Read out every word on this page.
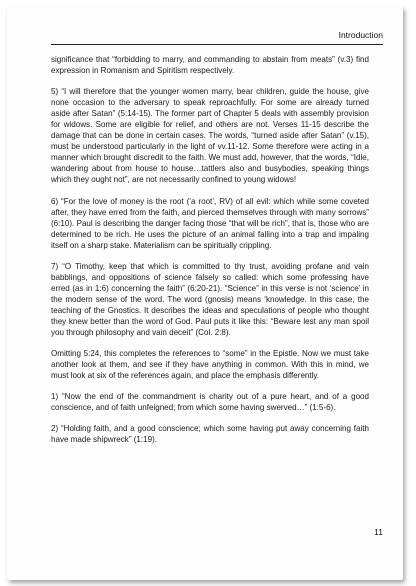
Introduction

significance that “forbidding to marry, and commanding to abstain from meats” (v.3) find expression in Romanism and Spiritism respectively.

5) “I will therefore that the younger women marry, bear children, guide the house, give none occasion to the adversary to speak reproachfully. For some are already turned aside after Satan” (5:14-15). The former part of Chapter 5 deals with assembly provision for widows. Some are eligible for relief, and others are not. Verses 11-15 describe the damage that can be done in certain cases. The words, “turned aside after Satan” (v.15), must be understood particularly in the light of vv.11-12. Some therefore were acting in a manner which brought discredit to the faith. We must add, however, that the words, “Idle, wandering about from house to house…tattlers also and busybodies, speaking things which they ought not”, are not necessarily confined to young widows!

6) “For the love of money is the root (‘a root’, RV) of all evil: which while some coveted after, they have erred from the faith, and pierced themselves through with many sorrows” (6:10). Paul is describing the danger facing those “that will be rich”, that is, those who are determined to be rich. He uses the picture of an animal falling into a trap and impaling itself on a sharp stake. Materialism can be spiritually crippling.

7) “O Timothy, keep that which is committed to thy trust, avoiding profane and vain babblings, and oppositions of science falsely so called: which some professing have erred (as in 1:6) concerning the faith” (6:20-21). “Science” in this verse is not ‘science’ in the modern sense of the word. The word (gnosis) means ‘knowledge. In this case, the teaching of the Gnostics. It describes the ideas and speculations of people who thought they knew better than the word of God. Paul puts it like this: “Beware lest any man spoil you through philosophy and vain deceit” (Col. 2:8).

Omitting 5:24, this completes the references to “some” in the Epistle. Now we must take another look at them, and see if they have anything in common. With this in mind, we must look at six of the references again, and place the emphasis differently.

1) “Now the end of the commandment is charity out of a pure heart, and of a good conscience, and of faith unfeigned; from which some having swerved…” (1:5-6).

2) “Holding faith, and a good conscience; which some having put away concerning faith have made shipwreck” (1:19).

11
